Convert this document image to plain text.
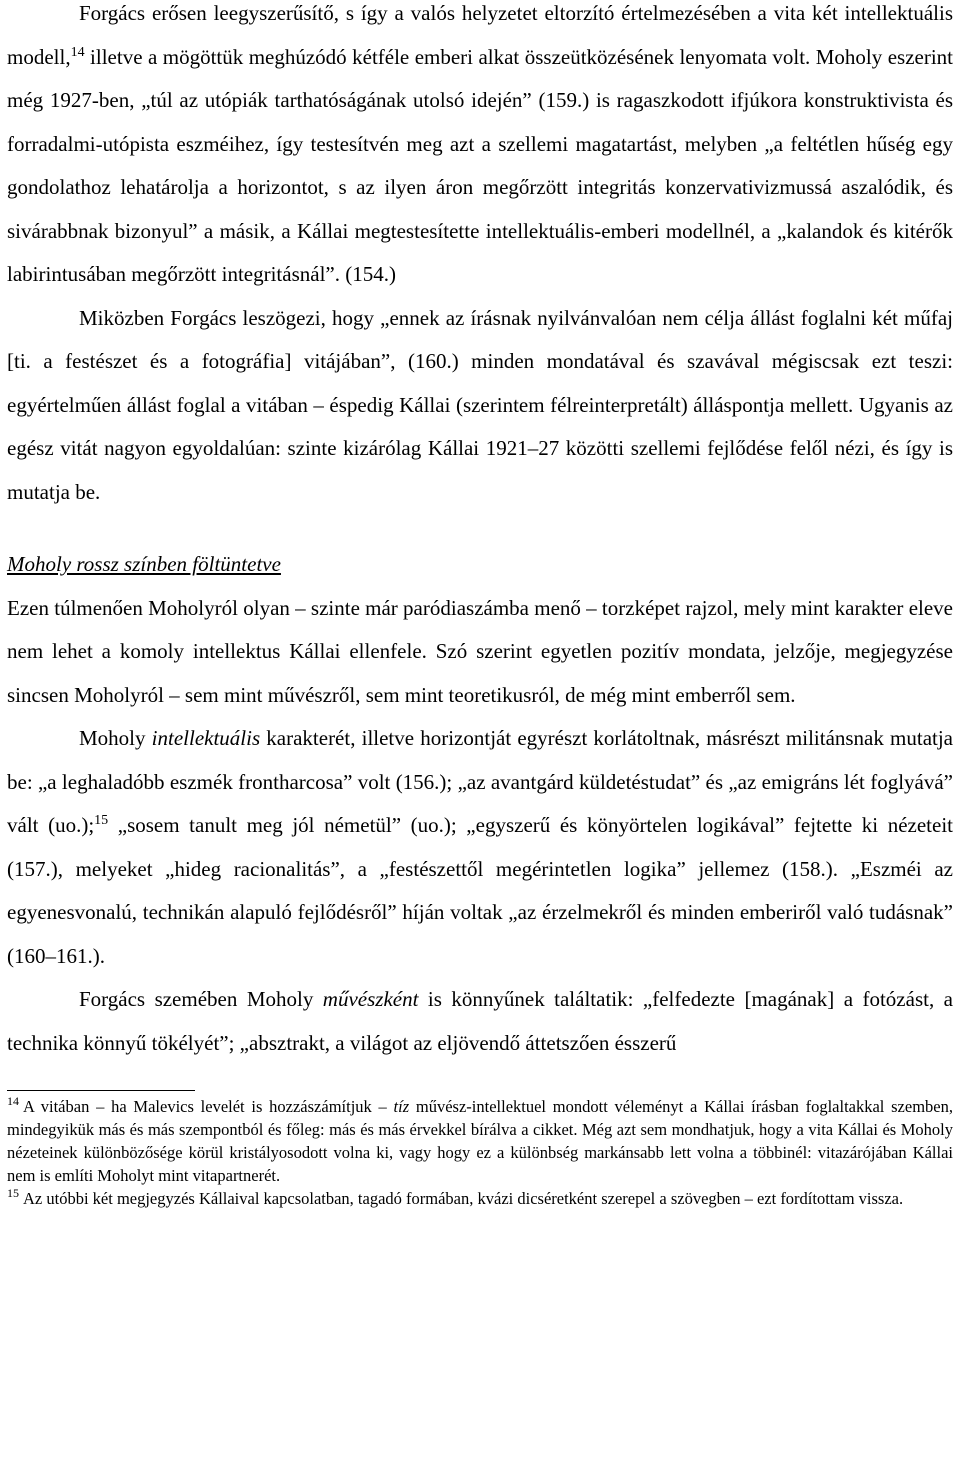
Forgács erősen leegyszerűsítő, s így a valós helyzetet eltorzító értelmezésében a vita két intellektuális modell,$^{14}$ illetve a mögöttük meghúzódó kétféle emberi alkat összeütközésének lenyomata volt. Moholy eszerint még 1927-ben, „túl az utópiák tarthatóságának utolsó idején” (159.) is ragaszkodott ifjúkora konstruktivista és forradalmi-utópista eszméihez, így testesítvén meg azt a szellemi magatartást, melyben „a feltétlen hűség egy gondolathoz lehatárolja a horizontot, s az ilyen áron megőrzött integritás konzervativizmussá aszalódik, és sivárabbnak bizonyul” a másik, a Kállai megtestesítette intellektuális-emberi modellnél, a „kalandok és kitérők labirintusában megőrzött integritásnál”. (154.)

Miközben Forgács leszögezi, hogy „ennek az írásnak nyilvánvalóan nem célja állást foglalni két műfaj [ti. a festészet és a fotográfia] vitájában”, (160.) minden mondatával és szavával mégiscsak ezt teszi: egyértelműen állást foglal a vitában – éspedig Kállai (szerintem félreinterpretált) álláspontja mellett. Ugyanis az egész vitát nagyon egyoldalúan: szinte kizárólag Kállai 1921–27 közötti szellemi fejlődése felől nézi, és így is mutatja be.

Moholy rossz színben föltüntetve

Ezen túlmenően Moholyról olyan – szinte már paródiaszámba menő – torzképet rajzol, mely mint karakter eleve nem lehet a komoly intellektus Kállai ellenfele. Szó szerint egyetlen pozitív mondata, jelzője, megjegyzése sincsen Moholyról – sem mint művészről, sem mint teoretikusról, de még mint emberről sem.

Moholy intellektuális karakterét, illetve horizontját egyrészt korlátoltnak, másrészt militánsnak mutatja be: „a leghaladóbb eszmék frontharcosa” volt (156.); „az avantgárd küldetéstudat” és „az emigráns lét foglyává” vált (uo.);$^{15}$ „sosem tanult meg jól németül” (uo.); „egyszerű és könyörtelen logikával” fejtette ki nézeteit (157.), melyeket „hideg racionalitás”, a „festészettől megérintetlen logika” jellemez (158.). „Eszméi az egyenesvonalú, technikán alapuló fejlődésről” híján voltak „az érzelmekről és minden emberiről való tudásnak” (160–161.).

Forgács szemében Moholy művészként is könnyűnek találtatik: „felfedezte [magának] a fotózást, a technika könnyű tökélyét”; „absztrakt, a világot az eljövendő áttetszően ésszerű

$^{14}$ A vitában – ha Malevics levelét is hozzászámítjuk – tíz művész-intellektuel mondott véleményt a Kállai írásban foglaltakkal szemben, mindegyikük más és más szempontból és főleg: más és más érvekkel bírálva a cikket. Még azt sem mondhatjuk, hogy a vita Kállai és Moholy nézeteinek különbözősége körül kristályosodott volna ki, vagy hogy ez a különbség markánsabb lett volna a többinél: vitazárójában Kállai nem is említi Moholyt mint vitapartnerét.

$^{15}$ Az utóbbi két megjegyzés Kállaival kapcsolatban, tagadó formában, kvázi dicséretként szerepel a szövegben – ezt fordítottam vissza.
